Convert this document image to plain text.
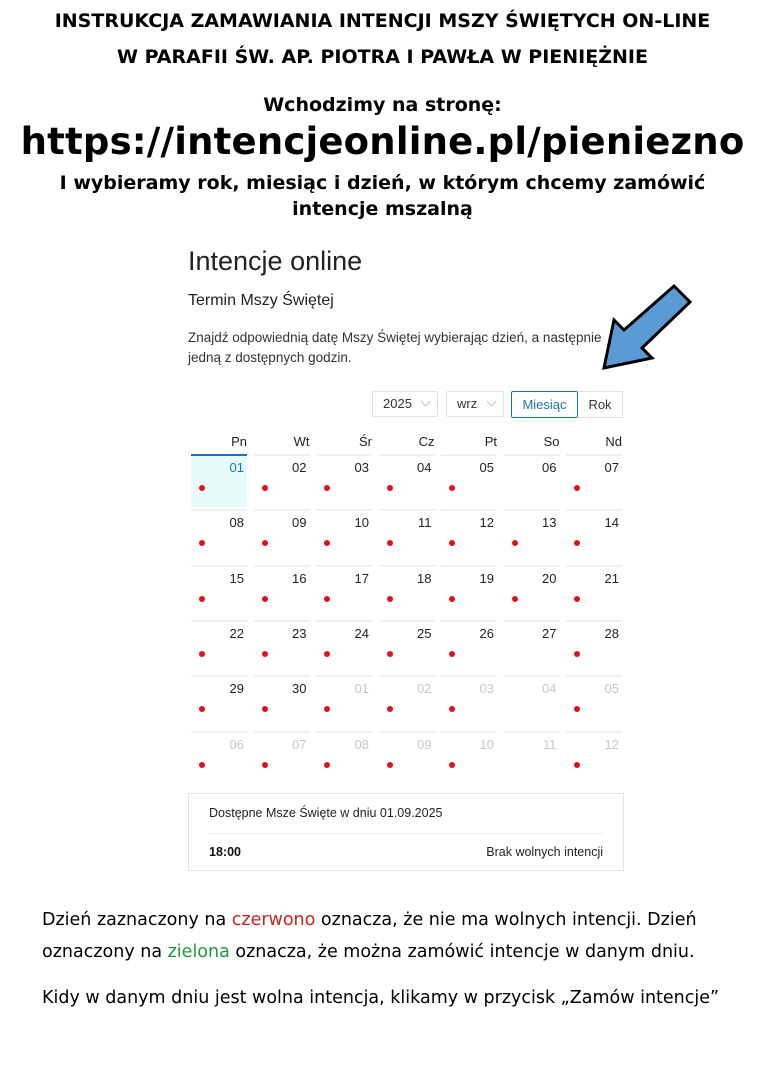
INSTRUKCJA ZAMAWIANIA INTENCJI MSZY ŚWIĘTYCH ON-LINE
W PARAFII ŚW. AP. PIOTRA I PAWŁA W PIENIĘŻNIE
Wchodzimy na stronę:
https://intencjeonline.pl/pieniezno
I wybieramy rok, miesiąc i dzień, w którym chcemy zamówić intencje mszalną
Intencje online
Termin Mszy Świętej
Znajdź odpowiednią datę Mszy Świętej wybierając dzień, a następnie jedną z dostępnych godzin.
2025	wrz	Miesiąc	Rok
Pn	Wt	Śr	Cz	Pt	So	Nd
01	02	03	04	05	06	07
08	09	10	11	12	13	14
15	16	17	18	19	20	21
22	23	24	25	26	27	28
29	30	01	02	03	04	05
06	07	08	09	10	11	12
Dostępne Msze Święte w dniu 01.09.2025
18:00	Brak wolnych intencji
Dzień zaznaczony na czerwono oznacza, że nie ma wolnych intencji. Dzień oznaczony na zielona oznacza, że można zamówić intencje w danym dniu.
Kidy w danym dniu jest wolna intencja, klikamy w przycisk „Zamów intencje”
